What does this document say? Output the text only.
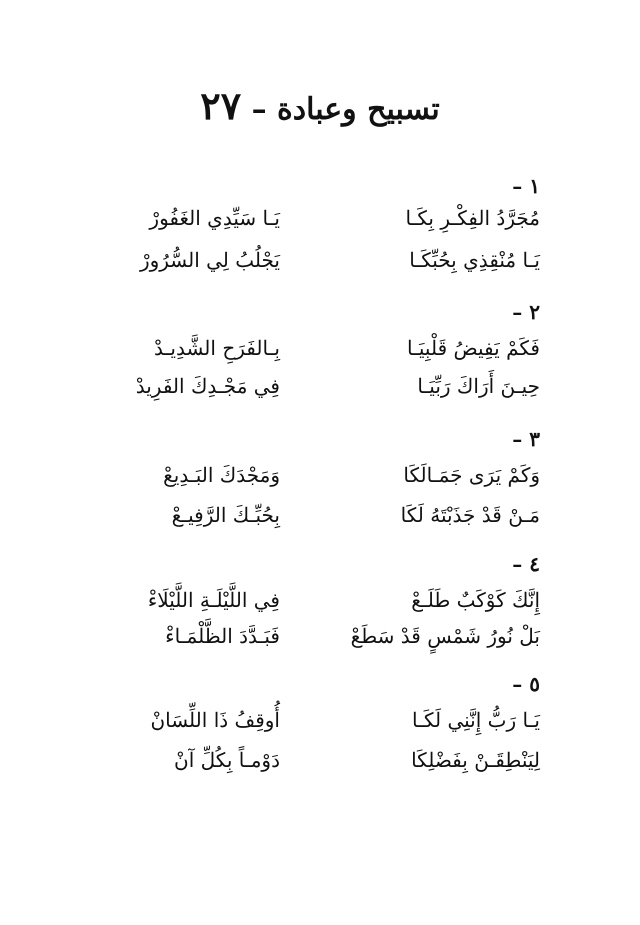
تسبيح وعبادة – ٢٧
١ –
مُجَرَّدُ الفِكْـرِ بِكَـا
يَـا سَيِّدِي الغَفُورْ
يَـا مُنْقِذِي بِحُبِّكَـا
يَجْلُبُ لِي السُّرُورْ
٢ –
فَكَمْ يَفِيضُ قَلْبِيَـا
بِـالفَرَحِ الشَّدِيـدْ
حِيـنَ أَرَاكَ رَبِّيَـا
فِي مَجْـدِكَ الفَرِيدْ
٣ –
وَكَمْ يَرَى جَمَـالَكَا
وَمَجْدَكَ البَـدِيعْ
مَـنْ قَدْ جَذَبْتَهُ لَكَا
بِحُبِّـكَ الرَّفِيـعْ
٤ –
إِنَّكَ كَوْكَبٌ طَلَـعْ
فِي اللَّيْلَـةِ اللَّيْلَاءْ
بَلْ نُورُ شَمْسٍ قَدْ سَطَعْ
فَبَـدَّدَ الظَّلْمَـاءْ
٥ –
يَـا رَبُّ إِنَّنِي لَكَـا
أُوقِفُ ذَا اللِّسَانْ
لِيَنْطِقَـنْ بِفَضْلِكَا
دَوْمـاً بِكُلِّ آنْ
